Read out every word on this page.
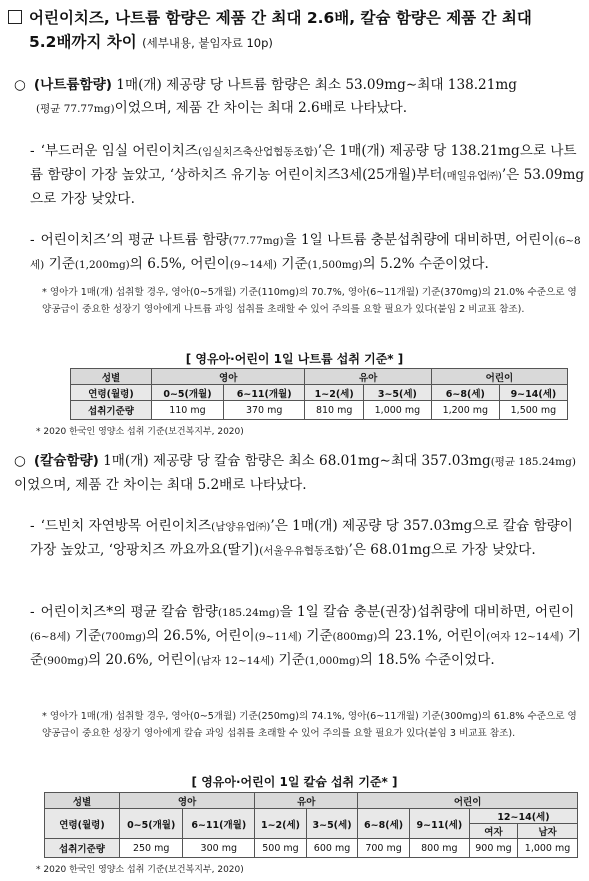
어린이치즈, 나트륨 함량은 제품 간 최대 2.6배, 칼슘 함량은 제품 간 최대
5.2배까지 차이 (세부내용, 붙임자료 10p)
○ (나트륨함량) 1매(개) 제공량 당 나트륨 함량은 최소 53.09mg∼최대 138.21mg
(평균 77.77mg)이었으며, 제품 간 차이는 최대 2.6배로 나타났다.
- ‘부드러운 임실 어린이치즈(임실치즈축산업협동조합)’은 1매(개) 제공량 당 138.21mg으로 나트륨 함량이 가장 높았고, ‘상하치즈 유기농 어린이치즈3세(25개월)부터(매일유업㈜)’은 53.09mg으로 가장 낮았다.
- 어린이치즈’의 평균 나트륨 함량(77.77mg)을 1일 나트륨 충분섭취량에 대비하면, 어린이(6~8세) 기준(1,200mg)의 6.5%, 어린이(9~14세) 기준(1,500mg)의 5.2% 수준이었다.
* 영아가 1매(개) 섭취할 경우, 영아(0~5개월) 기준(110mg)의 70.7%, 영아(6~11개월) 기준(370mg)의 21.0% 수준으로 영양공급이 중요한 성장기 영아에게 나트륨 과잉 섭취를 초래할 수 있어 주의를 요할 필요가 있다(붙임 2 비교표 참조).
[ 영유아·어린이 1일 나트륨 섭취 기준* ]
성별	영아		유아		어린이	
연령(월령)	0~5(개월)	6~11(개월)	1~2(세)	3~5(세)	6~8(세)	9~14(세)
섭취기준량	110 mg	370 mg	810 mg	1,000 mg	1,200 mg	1,500 mg
* 2020 한국인 영양소 섭취 기준(보건복지부, 2020)
○ (칼슘함량) 1매(개) 제공량 당 칼슘 함량은 최소 68.01mg∼최대 357.03mg(평균 185.24mg)이었으며, 제품 간 차이는 최대 5.2배로 나타났다.
- ‘드빈치 자연방목 어린이치즈(남양유업㈜)’은 1매(개) 제공량 당 357.03mg으로 칼슘 함량이 가장 높았고, ‘앙팡치즈 까요까요(딸기)(서울우유협동조합)’은 68.01mg으로 가장 낮았다.
- 어린이치즈*의 평균 칼슘 함량(185.24mg)을 1일 칼슘 충분(권장)섭취량에 대비하면, 어린이(6~8세) 기준(700mg)의 26.5%, 어린이(9~11세) 기준(800mg)의 23.1%, 어린이(여자 12~14세) 기준(900mg)의 20.6%, 어린이(남자 12~14세) 기준(1,000mg)의 18.5% 수준이었다.
* 영아가 1매(개) 섭취할 경우, 영아(0~5개월) 기준(250mg)의 74.1%, 영아(6~11개월) 기준(300mg)의 61.8% 수준으로 영양공급이 중요한 성장기 영아에게 칼슘 과잉 섭취를 초래할 수 있어 주의를 요할 필요가 있다(붙임 3 비교표 참조).
[ 영유아·어린이 1일 칼슘 섭취 기준* ]
성별	영아		유아		어린이			
연령(월령)	0~5(개월)	6~11(개월)	1~2(세)	3~5(세)	6~8(세)	9~11(세)	12~14(세)	
							여자	남자
섭취기준량	250 mg	300 mg	500 mg	600 mg	700 mg	800 mg	900 mg	1,000 mg
* 2020 한국인 영양소 섭취 기준(보건복지부, 2020)
